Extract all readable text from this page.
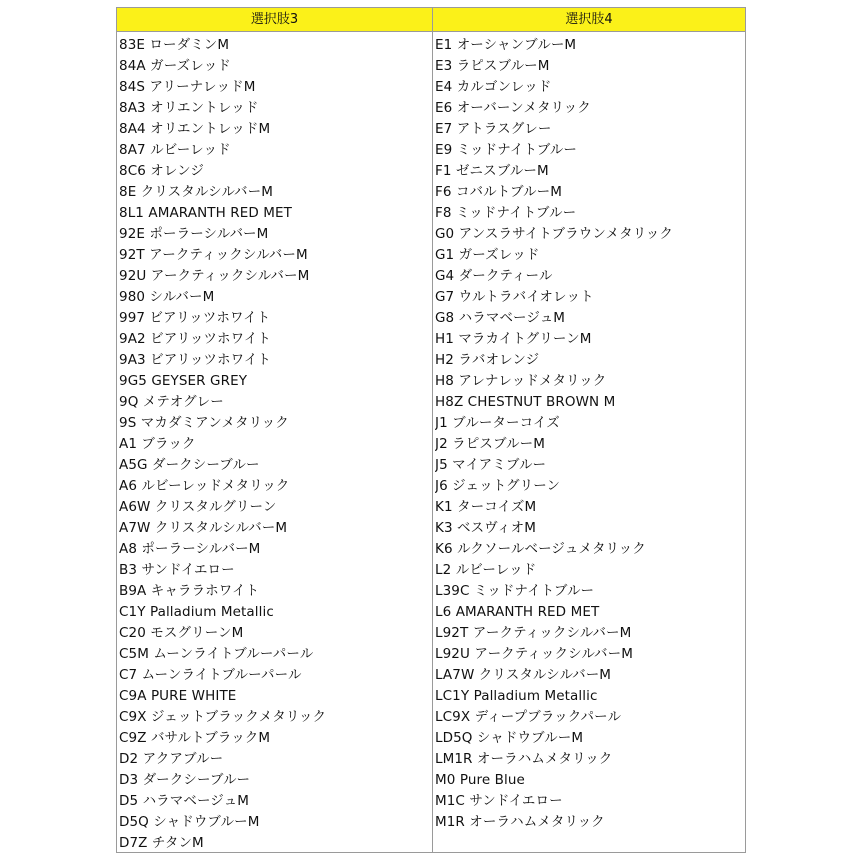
選択肢3
83E ローダミンM
84A ガーズレッド
84S アリーナレッドM
8A3 オリエントレッド
8A4 オリエントレッドM
8A7 ルビーレッド
8C6 オレンジ
8E クリスタルシルバーM
8L1 AMARANTH RED MET
92E ポーラーシルバーM
92T アークティックシルバーM
92U アークティックシルバーM
980 シルバーM
997 ビアリッツホワイト
9A2 ビアリッツホワイト
9A3 ビアリッツホワイト
9G5 GEYSER GREY
9Q メテオグレー
9S マカダミアンメタリック
A1 ブラック
A5G ダークシーブルー
A6 ルビーレッドメタリック
A6W クリスタルグリーン
A7W クリスタルシルバーM
A8 ポーラーシルバーM
B3 サンドイエロー
B9A キャララホワイト
C1Y Palladium Metallic
C20 モスグリーンM
C5M ムーンライトブルーパール
C7 ムーンライトブルーパール
C9A PURE WHITE
C9X ジェットブラックメタリック
C9Z バサルトブラックM
D2 アクアブルー
D3 ダークシーブルー
D5 ハラマベージュM
D5Q シャドウブルーM
D7Z チタンM
選択肢4
E1 オーシャンブルーM
E3 ラピスブルーM
E4 カルゴンレッド
E6 オーバーンメタリック
E7 アトラスグレー
E9 ミッドナイトブルー
F1 ゼニスブルーM
F6 コバルトブルーM
F8 ミッドナイトブルー
G0 アンスラサイトブラウンメタリック
G1 ガーズレッド
G4 ダークティール
G7 ウルトラバイオレット
G8 ハラマベージュM
H1 マラカイトグリーンM
H2 ラバオレンジ
H8 アレナレッドメタリック
H8Z CHESTNUT BROWN M
J1 ブルーターコイズ
J2 ラピスブルーM
J5 マイアミブルー
J6 ジェットグリーン
K1 ターコイズM
K3 ベスヴィオM
K6 ルクソールベージュメタリック
L2 ルビーレッド
L39C ミッドナイトブルー
L6 AMARANTH RED MET
L92T アークティックシルバーM
L92U アークティックシルバーM
LA7W クリスタルシルバーM
LC1Y Palladium Metallic
LC9X ディープブラックパール
LD5Q シャドウブルーM
LM1R オーラハムメタリック
M0 Pure Blue
M1C サンドイエロー
M1R オーラハムメタリック
